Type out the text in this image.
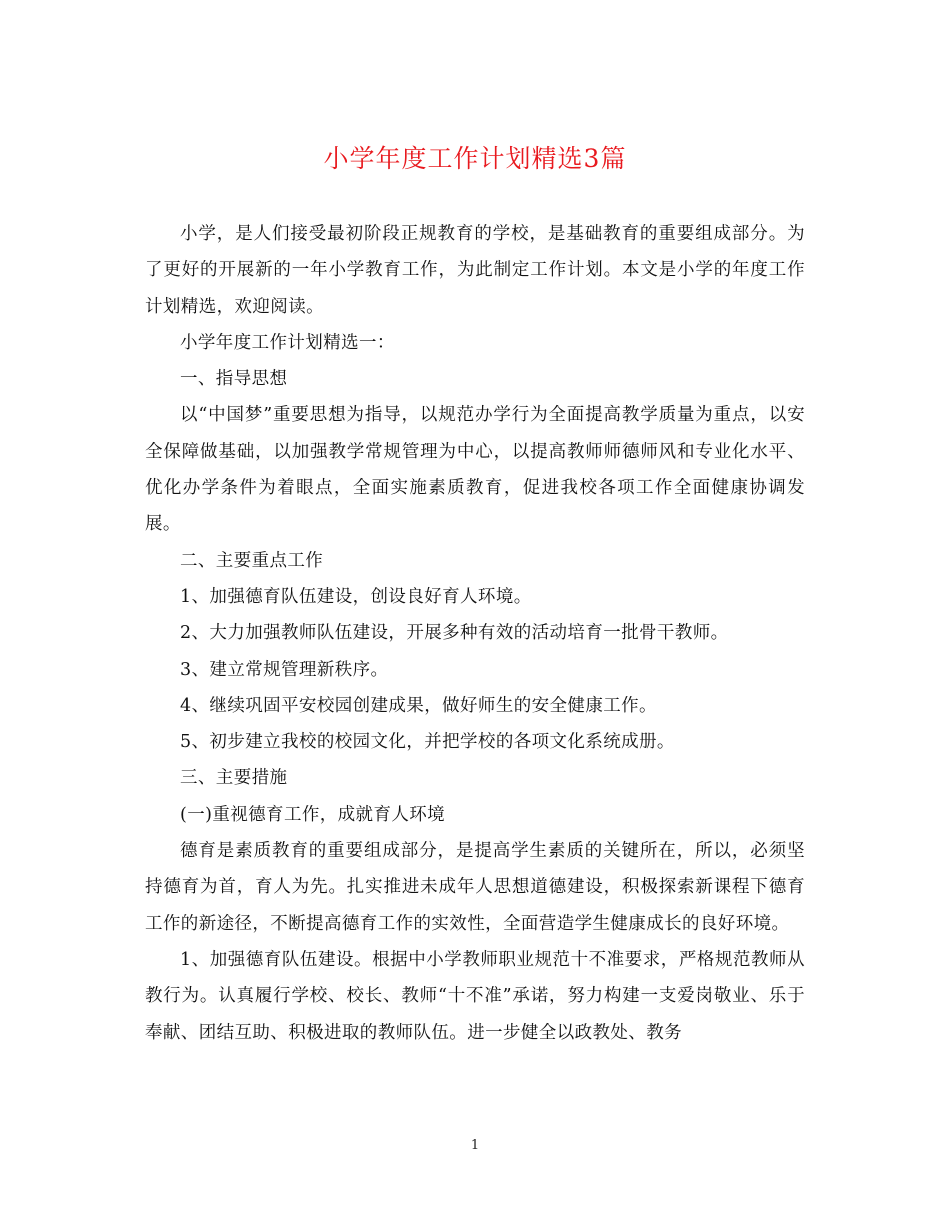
小学年度工作计划精选3篇

小学，是人们接受最初阶段正规教育的学校，是基础教育的重要组成部分。为了更好的开展新的一年小学教育工作，为此制定工作计划。本文是小学的年度工作计划精选，欢迎阅读。

小学年度工作计划精选一：

一、指导思想

以“中国梦”重要思想为指导，以规范办学行为全面提高教学质量为重点，以安全保障做基础，以加强教学常规管理为中心，以提高教师师德师风和专业化水平、优化办学条件为着眼点，全面实施素质教育，促进我校各项工作全面健康协调发展。

二、主要重点工作

1、加强德育队伍建设，创设良好育人环境。

2、大力加强教师队伍建设，开展多种有效的活动培育一批骨干教师。

3、建立常规管理新秩序。

4、继续巩固平安校园创建成果，做好师生的安全健康工作。

5、初步建立我校的校园文化，并把学校的各项文化系统成册。

三、主要措施

(一)重视德育工作，成就育人环境

德育是素质教育的重要组成部分，是提高学生素质的关键所在，所以，必须坚持德育为首，育人为先。扎实推进未成年人思想道德建设，积极探索新课程下德育工作的新途径，不断提高德育工作的实效性，全面营造学生健康成长的良好环境。

1、加强德育队伍建设。根据中小学教师职业规范十不准要求，严格规范教师从教行为。认真履行学校、校长、教师“十不准”承诺，努力构建一支爱岗敬业、乐于奉献、团结互助、积极进取的教师队伍。进一步健全以政教处、教务

1
